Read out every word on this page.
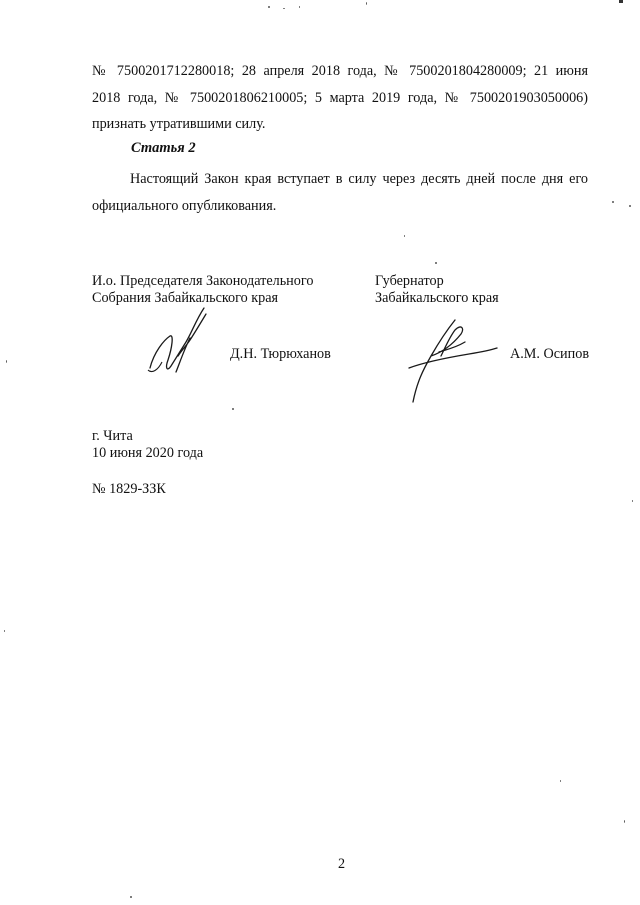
№ 7500201712280018; 28 апреля 2018 года, № 7500201804280009; 21 июня
2018 года, № 7500201806210005; 5 марта 2019 года, № 7500201903050006)
признать утратившими силу.
Статья 2
Настоящий Закон края вступает в силу через десять дней после дня его
официального опубликования.
И.о. Председателя Законодательного
Собрания Забайкальского края
Д.Н. Тюрюханов
Губернатор
Забайкальского края
А.М. Осипов
г. Чита
10 июня 2020 года
№ 1829-ЗЗК
2
